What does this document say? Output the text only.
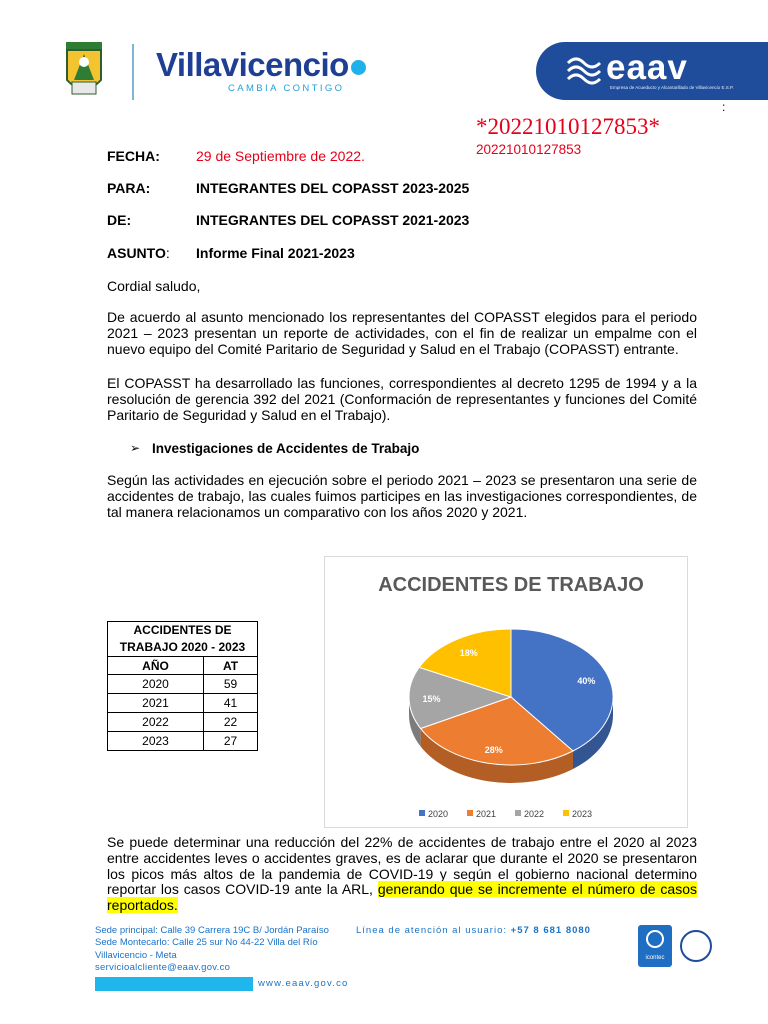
Villavicencio
CAMBIA CONTIGO
eaav
Empresa de Acueducto y Alcantarillado de Villavicencio E.S.P.
:
*20221010127853*
20221010127853
FECHA:	29 de Septiembre de 2022.
PARA:	INTEGRANTES DEL COPASST 2023-2025
DE:	INTEGRANTES DEL COPASST 2021-2023
ASUNTO: Informe Final 2021-2023
Cordial saludo,
De acuerdo al asunto mencionado los representantes del COPASST elegidos para el periodo 2021 – 2023 presentan un reporte de actividades, con el fin de realizar un empalme con el nuevo equipo del Comité Paritario de Seguridad y Salud en el Trabajo (COPASST) entrante.
El COPASST ha desarrollado las funciones, correspondientes al decreto 1295 de 1994 y a la resolución de gerencia 392 del 2021 (Conformación de representantes y funciones del Comité Paritario de Seguridad y Salud en el Trabajo).
➢ Investigaciones de Accidentes de Trabajo
Según las actividades en ejecución sobre el periodo 2021 – 2023 se presentaron una serie de accidentes de trabajo, las cuales fuimos participes en las investigaciones correspondientes, de tal manera relacionamos un comparativo con los años 2020 y 2021.
ACCIDENTES DE
TRABAJO 2020 - 2023	
AÑO	AT
2020	59
2021	41
2022	22
2023	27
ACCIDENTES DE TRABAJO
40%
28%
15%
18%
2020	2021	2022	2023
Se puede determinar una reducción del 22% de accidentes de trabajo entre el 2020 al 2023 entre accidentes leves o accidentes graves, es de aclarar que durante el 2020 se presentaron los picos más altos de la pandemia de COVID-19 y según el gobierno nacional determino reportar los casos COVID-19 ante la ARL, generando que se incremente el número de casos reportados.
Sede principal: Calle 39 Carrera 19C B/ Jordán Paraíso
Sede Montecarlo: Calle 25 sur No 44-22 Villa del Río
Villavicencio - Meta
servicioalcliente@eaav.gov.co
Línea de atención al usuario: +57 8 681 8080
www.eaav.gov.co
icontec
